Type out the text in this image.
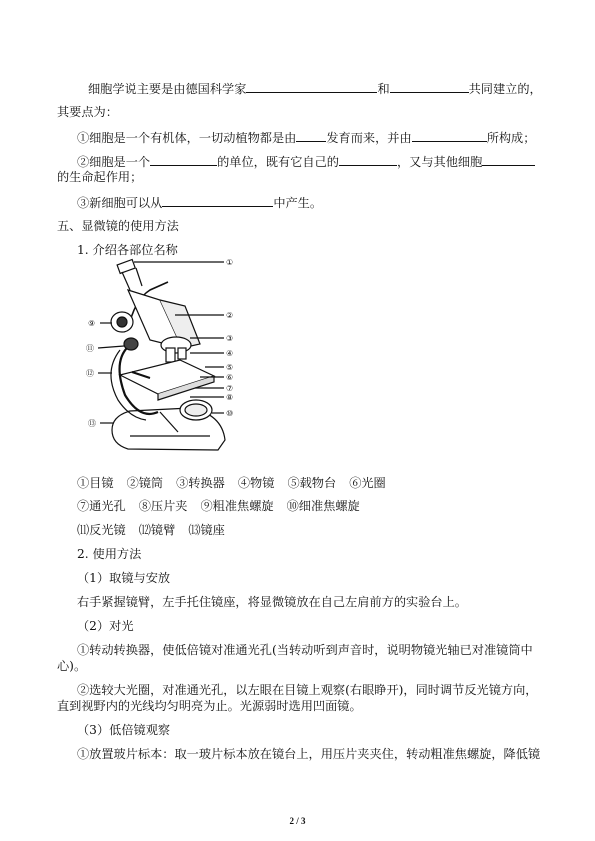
细胞学说主要是由德国科学家	和	共同建立的，
其要点为：
①细胞是一个有机体，一切动植物都是由 发育而来，并由	所构成；
②细胞是一个	的单位，既有它自己的	，又与其他细胞
的生命起作用；
③新细胞可以从	中产生。
五、显微镜的使用方法
1. 介绍各部位名称
①
②
③
④
⑤
⑥
⑦
⑧
⑩
⑨
⑪
⑫
⑬
①目镜 ②镜筒 ③转换器 ④物镜 ⑤载物台 ⑥光圈
⑦通光孔 ⑧压片夹 ⑨粗准焦螺旋 ⑩细准焦螺旋
⑾反光镜 ⑿镜臂 ⒀镜座
2. 使用方法
（1）取镜与安放
右手紧握镜臂，左手托住镜座，将显微镜放在自己左肩前方的实验台上。
（2）对光
①转动转换器，使低倍镜对准通光孔(当转动听到声音时，说明物镜光轴已对准镜筒中
心)。
②选较大光圈，对准通光孔，以左眼在目镜上观察(右眼睁开)，同时调节反光镜方向，
直到视野内的光线均匀明亮为止。光源弱时选用凹面镜。
（3）低倍镜观察
①放置玻片标本：取一玻片标本放在镜台上，用压片夹夹住，转动粗准焦螺旋，降低镜
2 / 3
